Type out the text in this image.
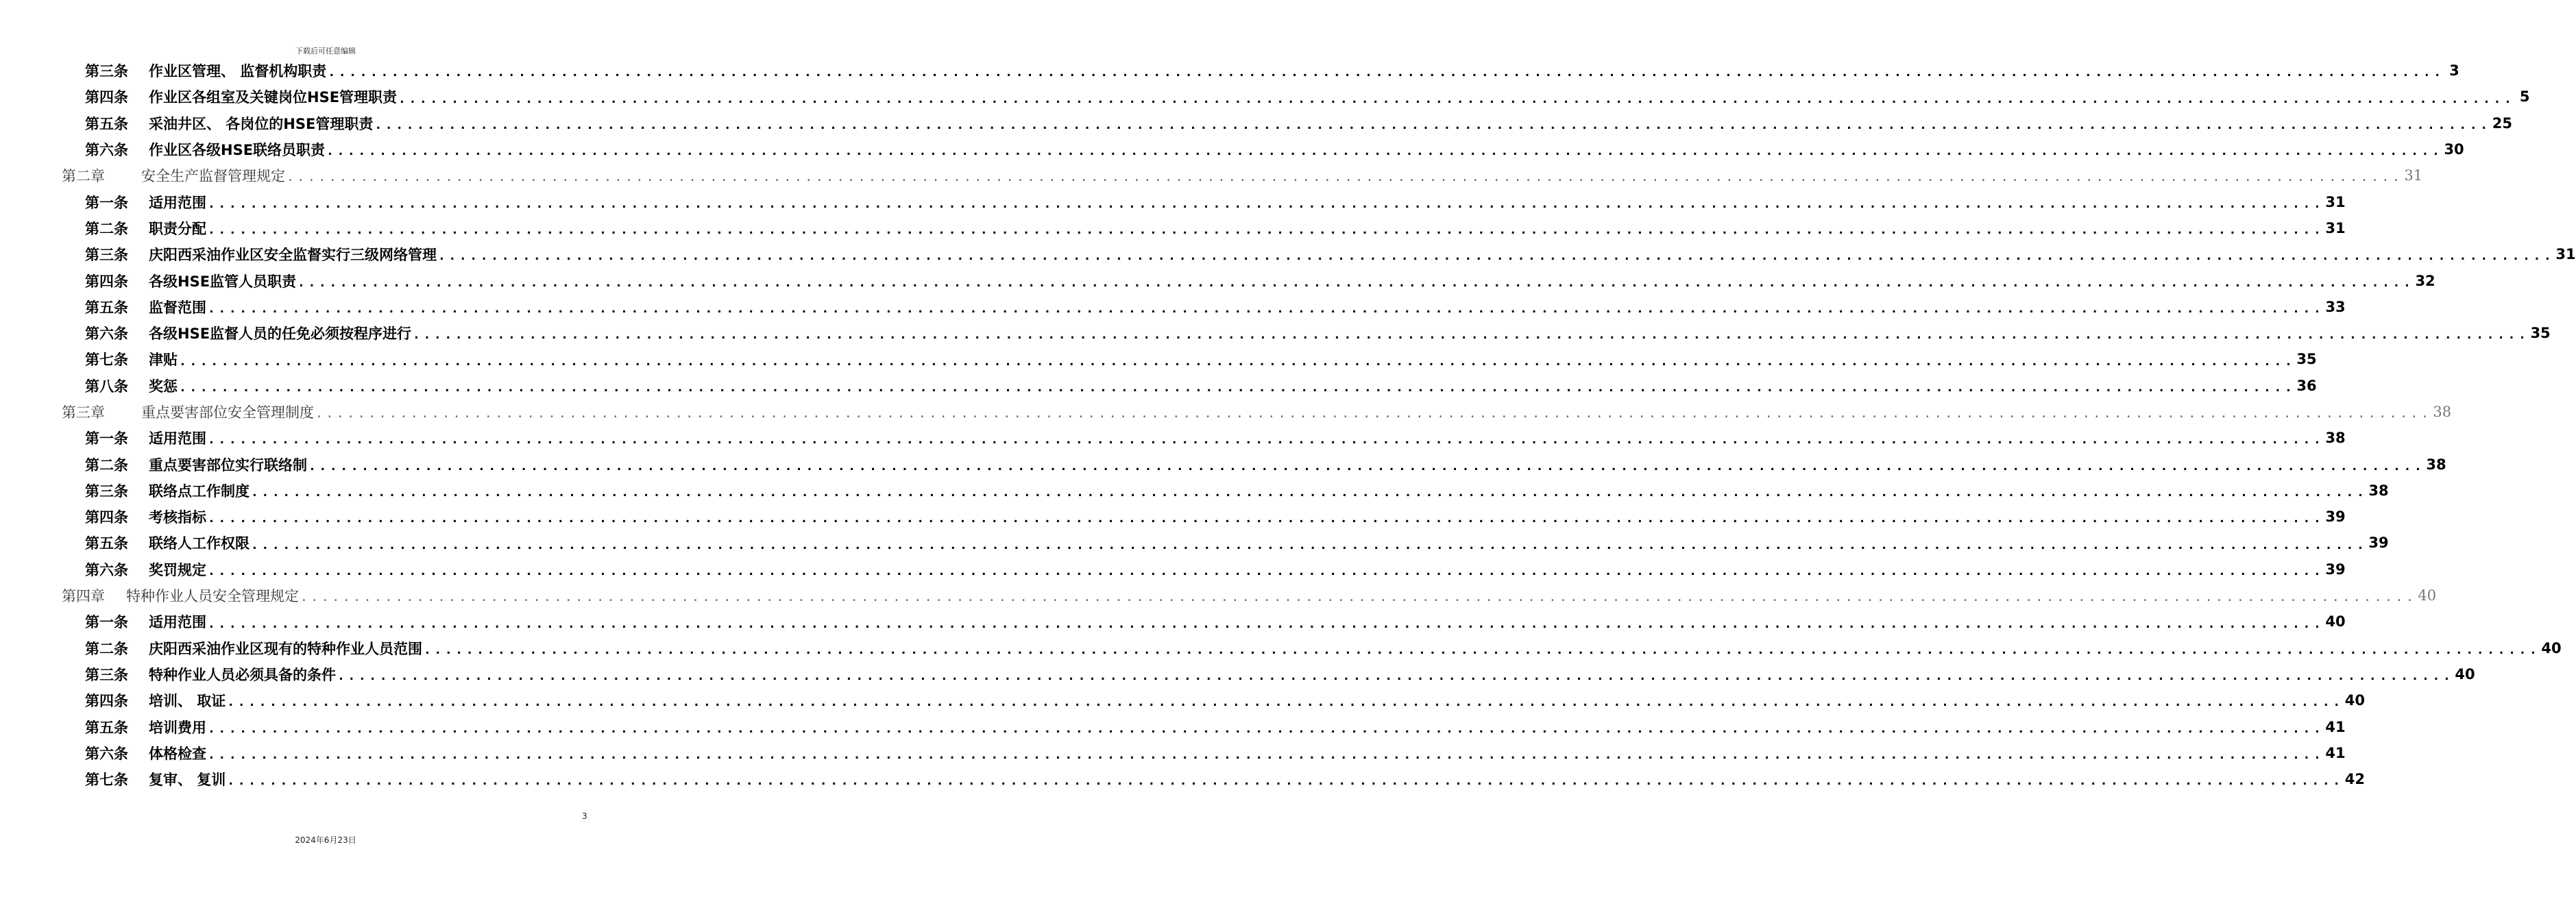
下载后可任意编辑
第三条	作业区管理、 监督机构职责 ........................................................................................................................................................................................................ 3
第四条	作业区各组室及关键岗位HSE管理职责 ........................................................................................................................................................................................................ 5
第五条	采油井区、 各岗位的HSE管理职责 ........................................................................................................................................................................................................ 25
第六条	作业区各级HSE联络员职责 ........................................................................................................................................................................................................ 30
第二章	安全生产监督管理规定 ........................................................................................................................................................................................................ 31
第一条	适用范围 ........................................................................................................................................................................................................ 31
第二条	职责分配 ........................................................................................................................................................................................................ 31
第三条	庆阳西采油作业区安全监督实行三级网络管理 ........................................................................................................................................................................................................ 31
第四条	各级HSE监管人员职责 ........................................................................................................................................................................................................ 32
第五条	监督范围 ........................................................................................................................................................................................................ 33
第六条	各级HSE监督人员的任免必须按程序进行 ........................................................................................................................................................................................................ 35
第七条	津贴 ........................................................................................................................................................................................................ 35
第八条	奖惩 ........................................................................................................................................................................................................ 36
第三章	重点要害部位安全管理制度 ........................................................................................................................................................................................................ 38
第一条	适用范围 ........................................................................................................................................................................................................ 38
第二条	重点要害部位实行联络制 ........................................................................................................................................................................................................ 38
第三条	联络点工作制度 ........................................................................................................................................................................................................ 38
第四条	考核指标 ........................................................................................................................................................................................................ 39
第五条	联络人工作权限 ........................................................................................................................................................................................................ 39
第六条	奖罚规定 ........................................................................................................................................................................................................ 39
第四章	特种作业人员安全管理规定 ........................................................................................................................................................................................................ 40
第一条	适用范围 ........................................................................................................................................................................................................ 40
第二条	庆阳西采油作业区现有的特种作业人员范围 ........................................................................................................................................................................................................ 40
第三条	特种作业人员必须具备的条件 ........................................................................................................................................................................................................ 40
第四条	培训、 取证 ........................................................................................................................................................................................................ 40
第五条	培训费用 ........................................................................................................................................................................................................ 41
第六条	体格检查 ........................................................................................................................................................................................................ 41
第七条	复审、 复训 ........................................................................................................................................................................................................ 42
3
2024年6月23日
